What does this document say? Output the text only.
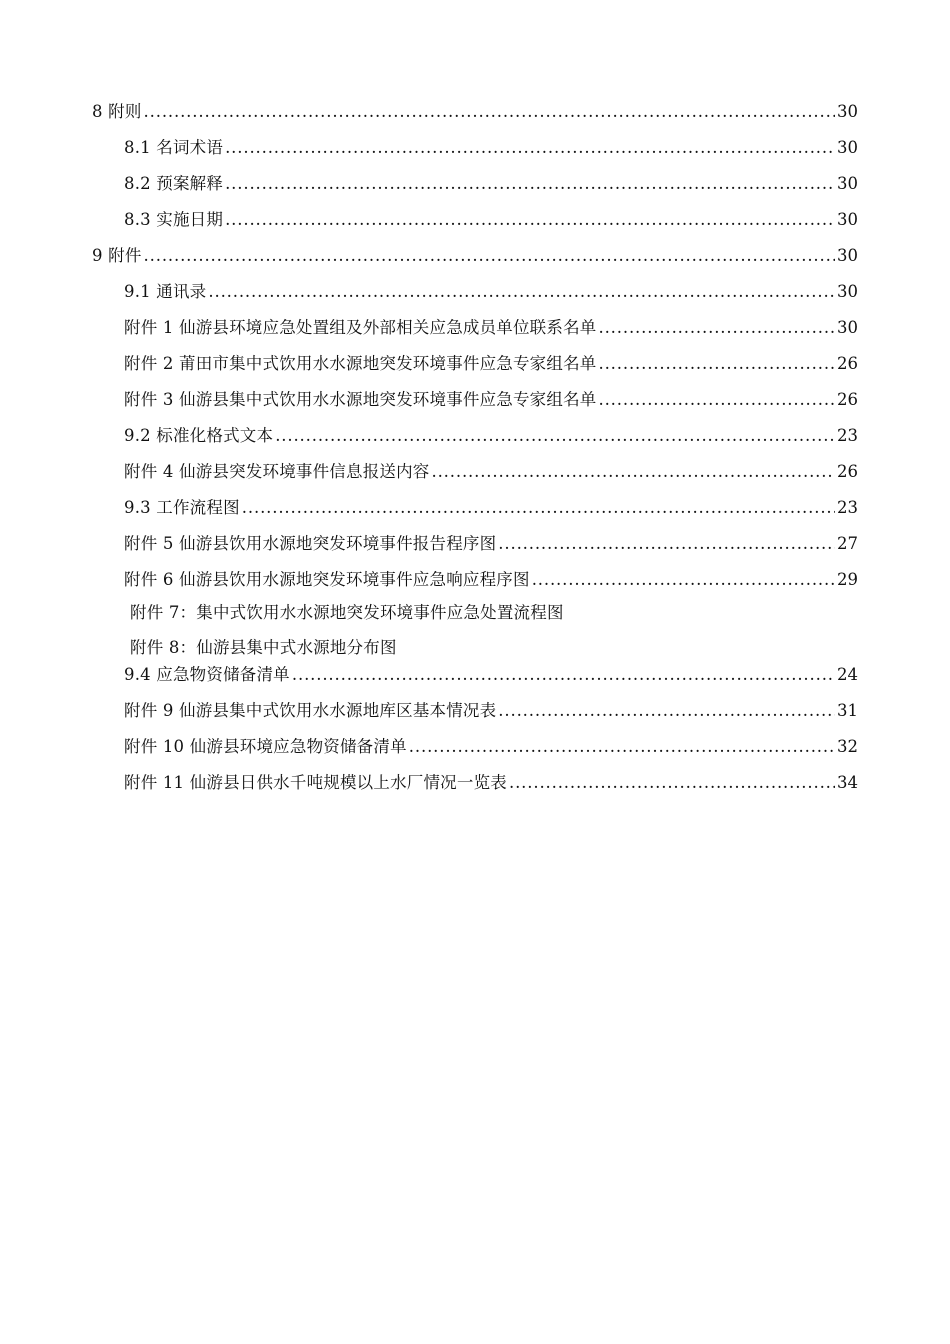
8 附则 . . .	30
8.1 名词术语 . . .	30
8.2 预案解释 . . .	30
8.3 实施日期 . . .	30
9 附件 . . .	30
9.1 通讯录 . . .	30
附件 1 仙游县环境应急处置组及外部相关应急成员单位联系名单 . . .	30
附件 2 莆田市集中式饮用水水源地突发环境事件应急专家组名单 . . .	26
附件 3 仙游县集中式饮用水水源地突发环境事件应急专家组名单 . . .	26
9.2 标准化格式文本 . . .	23
附件 4 仙游县突发环境事件信息报送内容 . . .	26
9.3 工作流程图 . . .	23
附件 5 仙游县饮用水源地突发环境事件报告程序图 . . .	27
附件 6 仙游县饮用水源地突发环境事件应急响应程序图 . . .	29
附件 7：集中式饮用水水源地突发环境事件应急处置流程图
附件 8：仙游县集中式水源地分布图
9.4 应急物资储备清单 . . .	24
附件 9 仙游县集中式饮用水水源地库区基本情况表 . . .	31
附件 10 仙游县环境应急物资储备清单 . . .	32
附件 11 仙游县日供水千吨规模以上水厂情况一览表 . . .	34
